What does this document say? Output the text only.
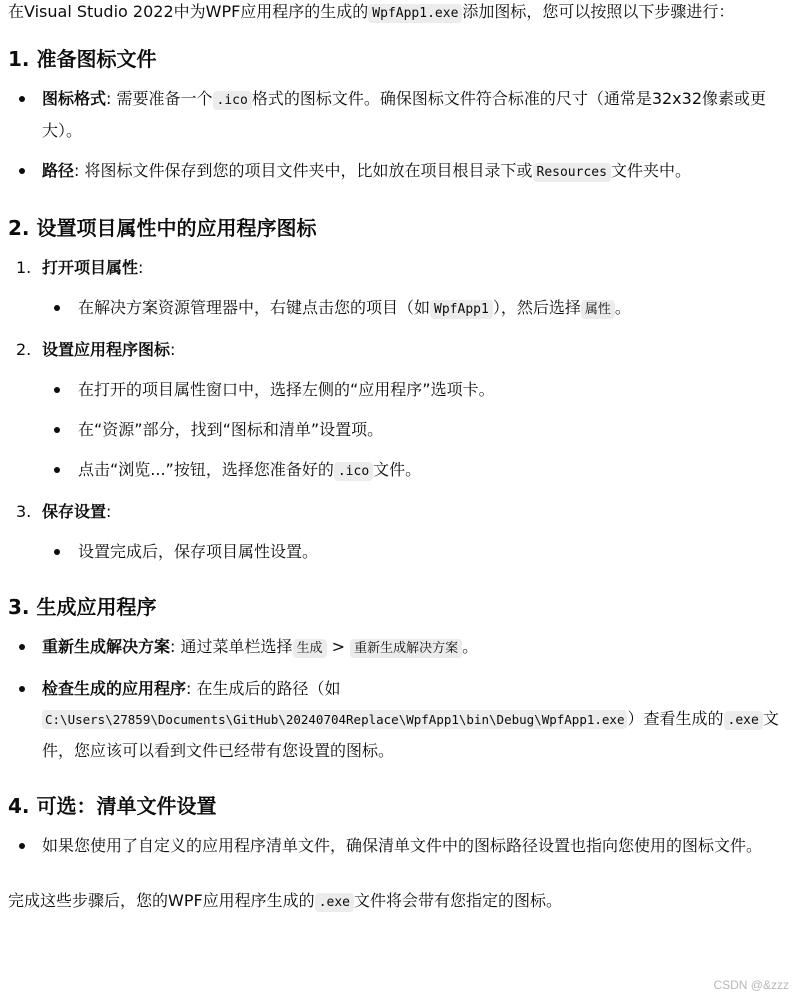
在Visual Studio 2022中为WPF应用程序的生成的 WpfApp1.exe 添加图标，您可以按照以下步骤进行：

1. 准备图标文件
图标格式: 需要准备一个 .ico 格式的图标文件。确保图标文件符合标准的尺寸（通常是32x32像素或更大）。
路径: 将图标文件保存到您的项目文件夹中，比如放在项目根目录下或 Resources 文件夹中。
2. 设置项目属性中的应用程序图标
1. 打开项目属性:
在解决方案资源管理器中，右键点击您的项目（如 WpfApp1 ），然后选择 属性 。
2. 设置应用程序图标:
在打开的项目属性窗口中，选择左侧的“应用程序”选项卡。
在“资源”部分，找到“图标和清单”设置项。
点击“浏览...”按钮，选择您准备好的 .ico 文件。
3. 保存设置:
设置完成后，保存项目属性设置。
3. 生成应用程序
重新生成解决方案: 通过菜单栏选择 生成 > 重新生成解决方案 。
检查生成的应用程序: 在生成后的路径（如C:\Users\27859\Documents\GitHub\20240704Replace\WpfApp1\bin\Debug\WpfApp1.exe ）查看生成的 .exe 文件，您应该可以看到文件已经带有您设置的图标。
4. 可选：清单文件设置
如果您使用了自定义的应用程序清单文件，确保清单文件中的图标路径设置也指向您使用的图标文件。

完成这些步骤后，您的WPF应用程序生成的 .exe 文件将会带有您指定的图标。

CSDN @&zzz
